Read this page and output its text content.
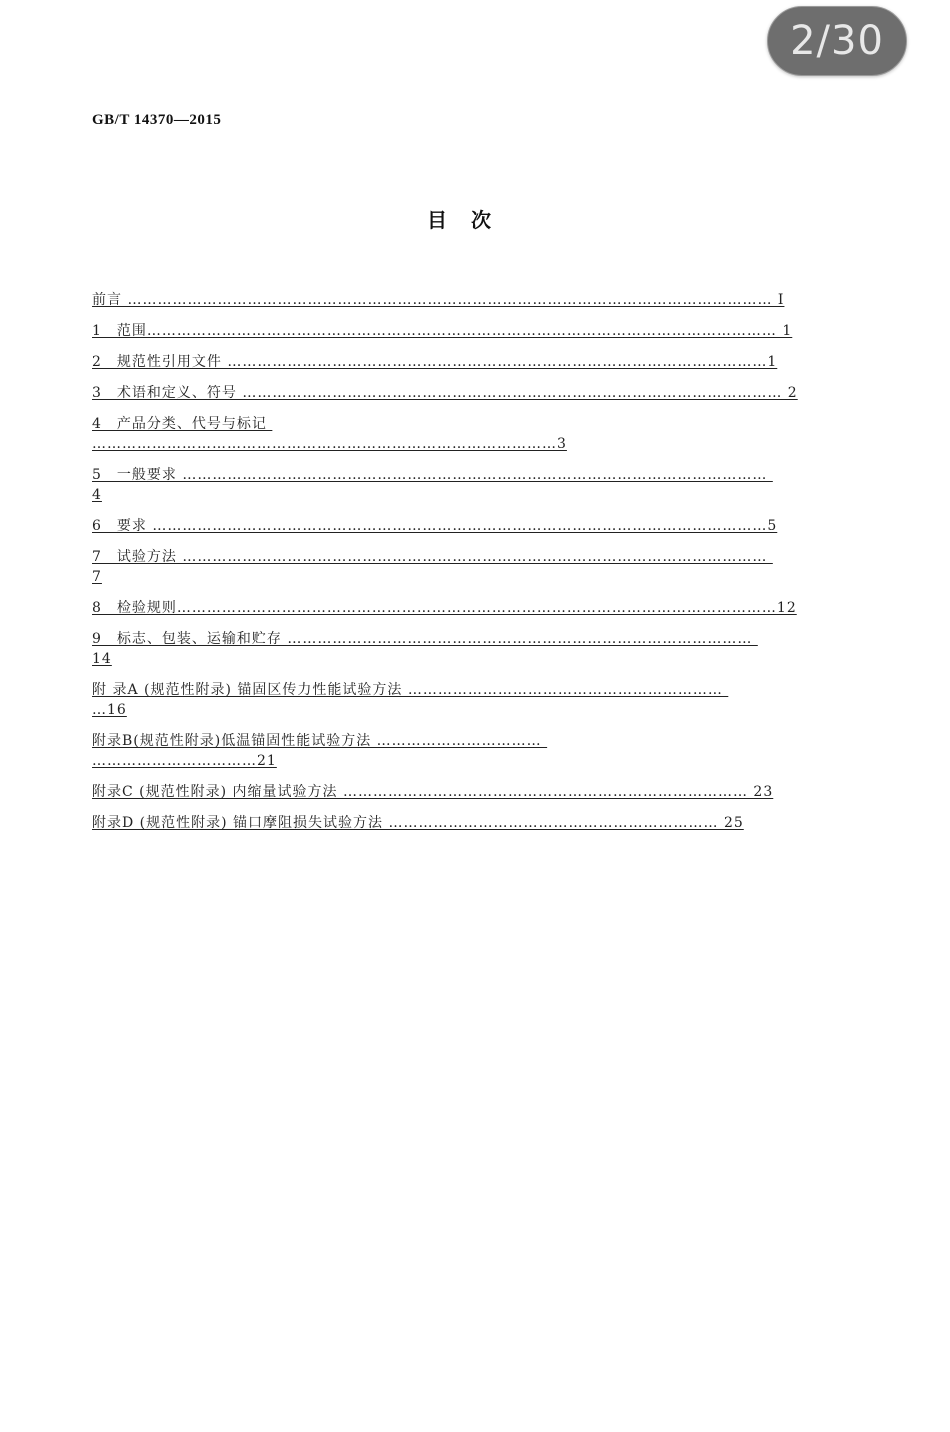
2/30
GB/T 14370—2015
目　次
前言 ………………………………………………………………………………………………………………… I
1　范围……………………………………………………………………………………………………………… 1
2　规范性引用文件 ………………………………………………………………………………………………1
3　术语和定义、符号 ……………………………………………………………………………………………… 2
4　产品分类、代号与标记
…………………………………………………………………………………3
5　一般要求 ………………………………………………………………………………………………………
4
6　要求 ……………………………………………………………………………………………………………5
7　试验方法 ………………………………………………………………………………………………………
7
8　检验规则…………………………………………………………………………………………………………12
9　标志、包装、运输和贮存 …………………………………………………………………………………
14
附 录A (规范性附录) 锚固区传力性能试验方法 ………………………………………………………
…16
附录B(规范性附录)低温锚固性能试验方法 ……………………………
……………………………21
附录C (规范性附录) 内缩量试验方法 ……………………………………………………………………… 23
附录D (规范性附录) 锚口摩阻损失试验方法 ………………………………………………………… 25
